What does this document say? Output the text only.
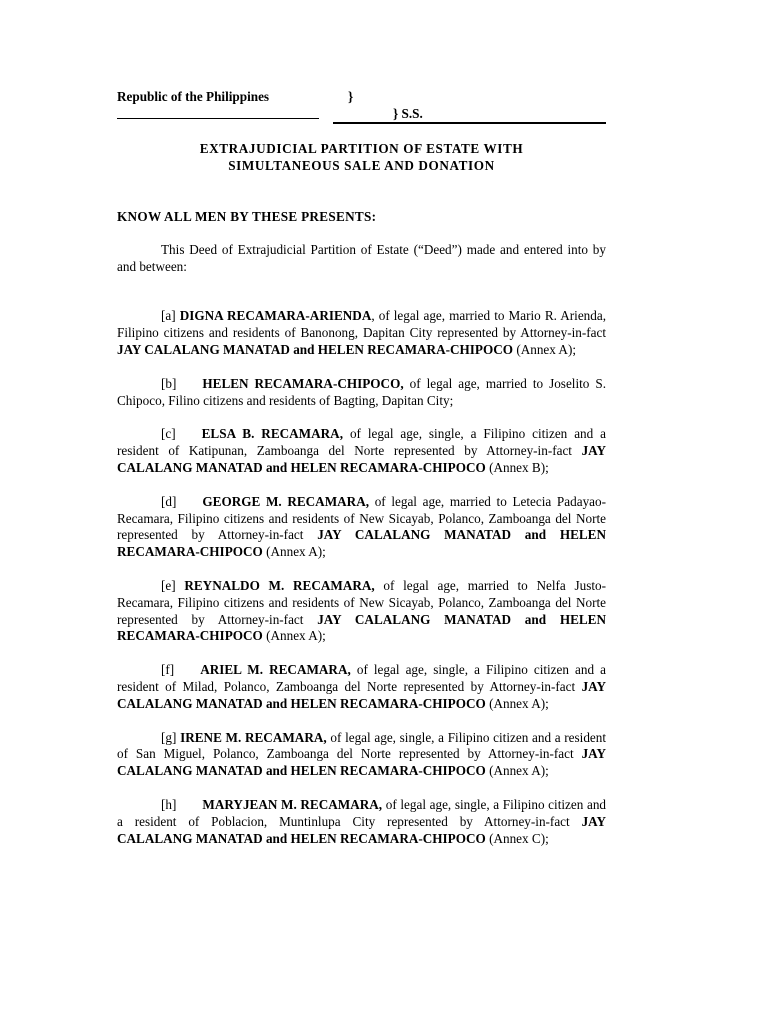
Republic of the Philippines	}
} S.S.
EXTRAJUDICIAL PARTITION OF ESTATE WITH
SIMULTANEOUS SALE AND DONATION
KNOW ALL MEN BY THESE PRESENTS:

This Deed of Extrajudicial Partition of Estate (“Deed”) made and entered into by and between:

[a] DIGNA RECAMARA-ARIENDA, of legal age, married to Mario R. Arienda, Filipino citizens and residents of Banonong, Dapitan City represented by Attorney-in-fact JAY CALALANG MANATAD and HELEN RECAMARA-CHIPOCO (Annex A);

[b] HELEN RECAMARA-CHIPOCO, of legal age, married to Joselito S. Chipoco, Filino citizens and residents of Bagting, Dapitan City;

[c] ELSA B. RECAMARA, of legal age, single, a Filipino citizen and a resident of Katipunan, Zamboanga del Norte represented by Attorney-in-fact JAY CALALANG MANATAD and HELEN RECAMARA-CHIPOCO (Annex B);

[d] GEORGE M. RECAMARA, of legal age, married to Letecia Padayao-Recamara, Filipino citizens and residents of New Sicayab, Polanco, Zamboanga del Norte represented by Attorney-in-fact JAY CALALANG MANATAD and HELEN RECAMARA-CHIPOCO (Annex A);

[e] REYNALDO M. RECAMARA, of legal age, married to Nelfa Justo-Recamara, Filipino citizens and residents of New Sicayab, Polanco, Zamboanga del Norte represented by Attorney-in-fact JAY CALALANG MANATAD and HELEN RECAMARA-CHIPOCO (Annex A);

[f] ARIEL M. RECAMARA, of legal age, single, a Filipino citizen and a resident of Milad, Polanco, Zamboanga del Norte represented by Attorney-in-fact JAY CALALANG MANATAD and HELEN RECAMARA-CHIPOCO (Annex A);

[g] IRENE M. RECAMARA, of legal age, single, a Filipino citizen and a resident of San Miguel, Polanco, Zamboanga del Norte represented by Attorney-in-fact JAY CALALANG MANATAD and HELEN RECAMARA-CHIPOCO (Annex A);

[h] MARYJEAN M. RECAMARA, of legal age, single, a Filipino citizen and a resident of Poblacion, Muntinlupa City represented by Attorney-in-fact JAY CALALANG MANATAD and HELEN RECAMARA-CHIPOCO (Annex C);
